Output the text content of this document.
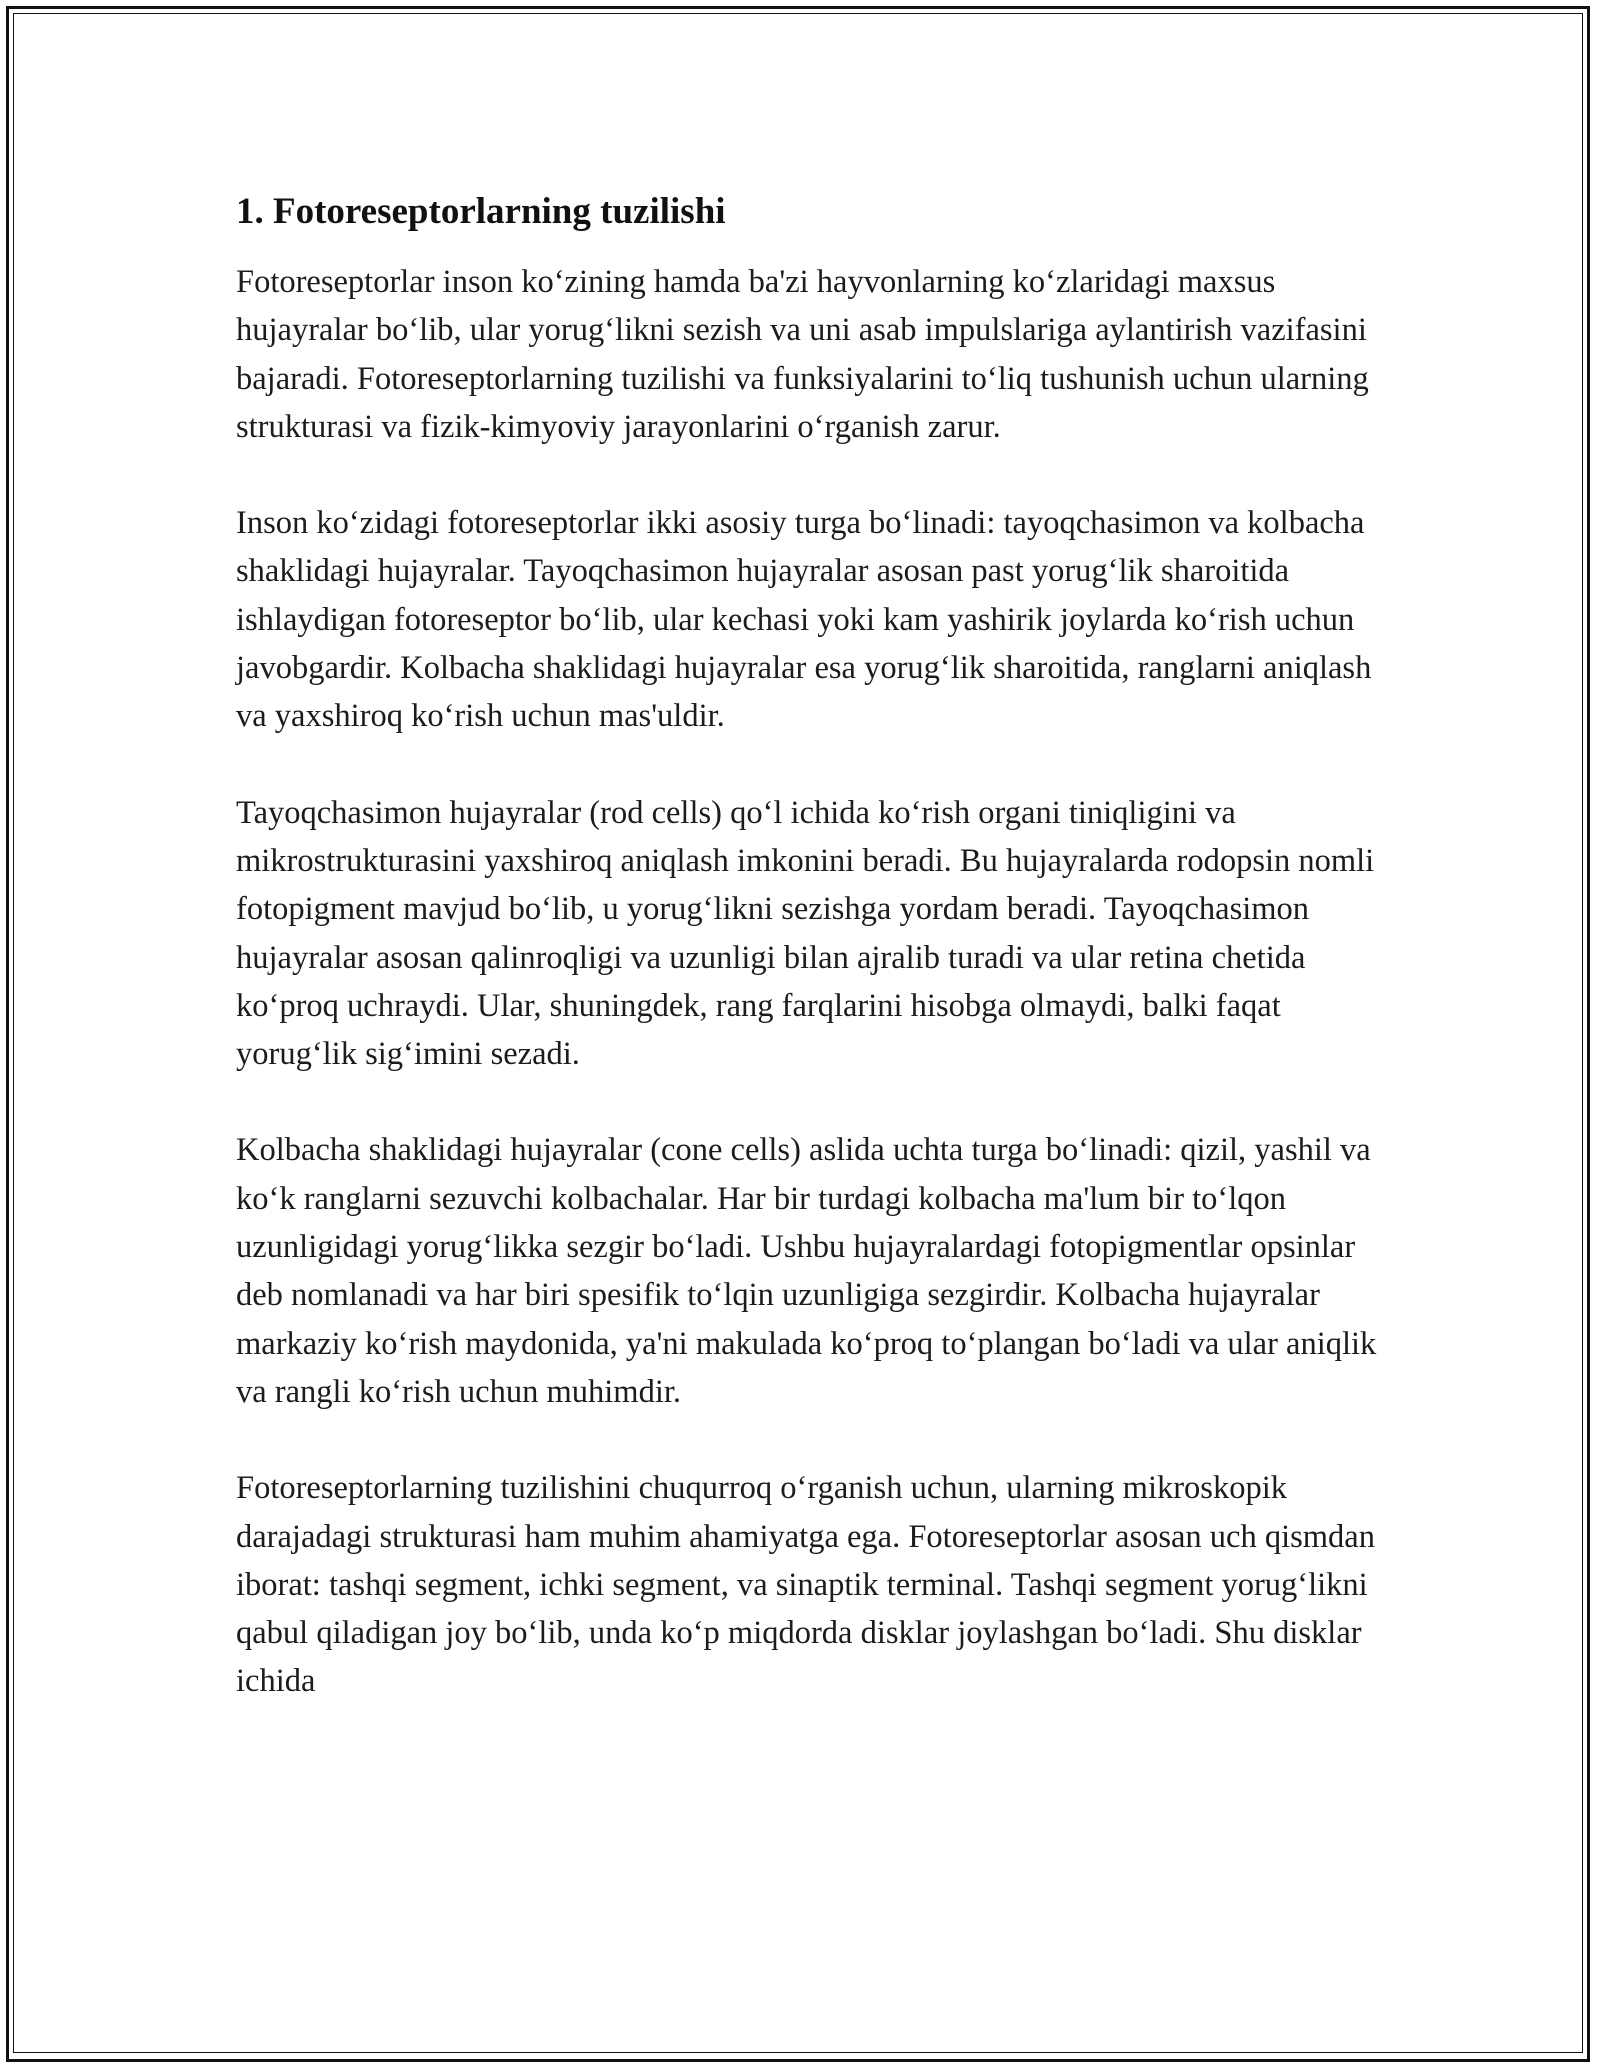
1. Fotoreseptorlarning tuzilishi

Fotoreseptorlar inson ko‘zining hamda ba'zi hayvonlarning ko‘zlaridagi maxsus hujayralar bo‘lib, ular yorug‘likni sezish va uni asab impulslariga aylantirish vazifasini bajaradi. Fotoreseptorlarning tuzilishi va funksiyalarini to‘liq tushunish uchun ularning strukturasi va fizik-kimyoviy jarayonlarini o‘rganish zarur.

Inson ko‘zidagi fotoreseptorlar ikki asosiy turga bo‘linadi: tayoqchasimon va kolbacha shaklidagi hujayralar. Tayoqchasimon hujayralar asosan past yorug‘lik sharoitida ishlaydigan fotoreseptor bo‘lib, ular kechasi yoki kam yashirik joylarda ko‘rish uchun javobgardir. Kolbacha shaklidagi hujayralar esa yorug‘lik sharoitida, ranglarni aniqlash va yaxshiroq ko‘rish uchun mas'uldir.

Tayoqchasimon hujayralar (rod cells) qo‘l ichida ko‘rish organi tiniqligini va mikrostrukturasini yaxshiroq aniqlash imkonini beradi. Bu hujayralarda rodopsin nomli fotopigment mavjud bo‘lib, u yorug‘likni sezishga yordam beradi. Tayoqchasimon hujayralar asosan qalinroqligi va uzunligi bilan ajralib turadi va ular retina chetida ko‘proq uchraydi. Ular, shuningdek, rang farqlarini hisobga olmaydi, balki faqat yorug‘lik sig‘imini sezadi.

Kolbacha shaklidagi hujayralar (cone cells) aslida uchta turga bo‘linadi: qizil, yashil va ko‘k ranglarni sezuvchi kolbachalar. Har bir turdagi kolbacha ma'lum bir to‘lqon uzunligidagi yorug‘likka sezgir bo‘ladi. Ushbu hujayralardagi fotopigmentlar opsinlar deb nomlanadi va har biri spesifik to‘lqin uzunligiga sezgirdir. Kolbacha hujayralar markaziy ko‘rish maydonida, ya'ni makulada ko‘proq to‘plangan bo‘ladi va ular aniqlik va rangli ko‘rish uchun muhimdir.

Fotoreseptorlarning tuzilishini chuqurroq o‘rganish uchun, ularning mikroskopik darajadagi strukturasi ham muhim ahamiyatga ega. Fotoreseptorlar asosan uch qismdan iborat: tashqi segment, ichki segment, va sinaptik terminal. Tashqi segment yorug‘likni qabul qiladigan joy bo‘lib, unda ko‘p miqdorda disklar joylashgan bo‘ladi. Shu disklar ichida
